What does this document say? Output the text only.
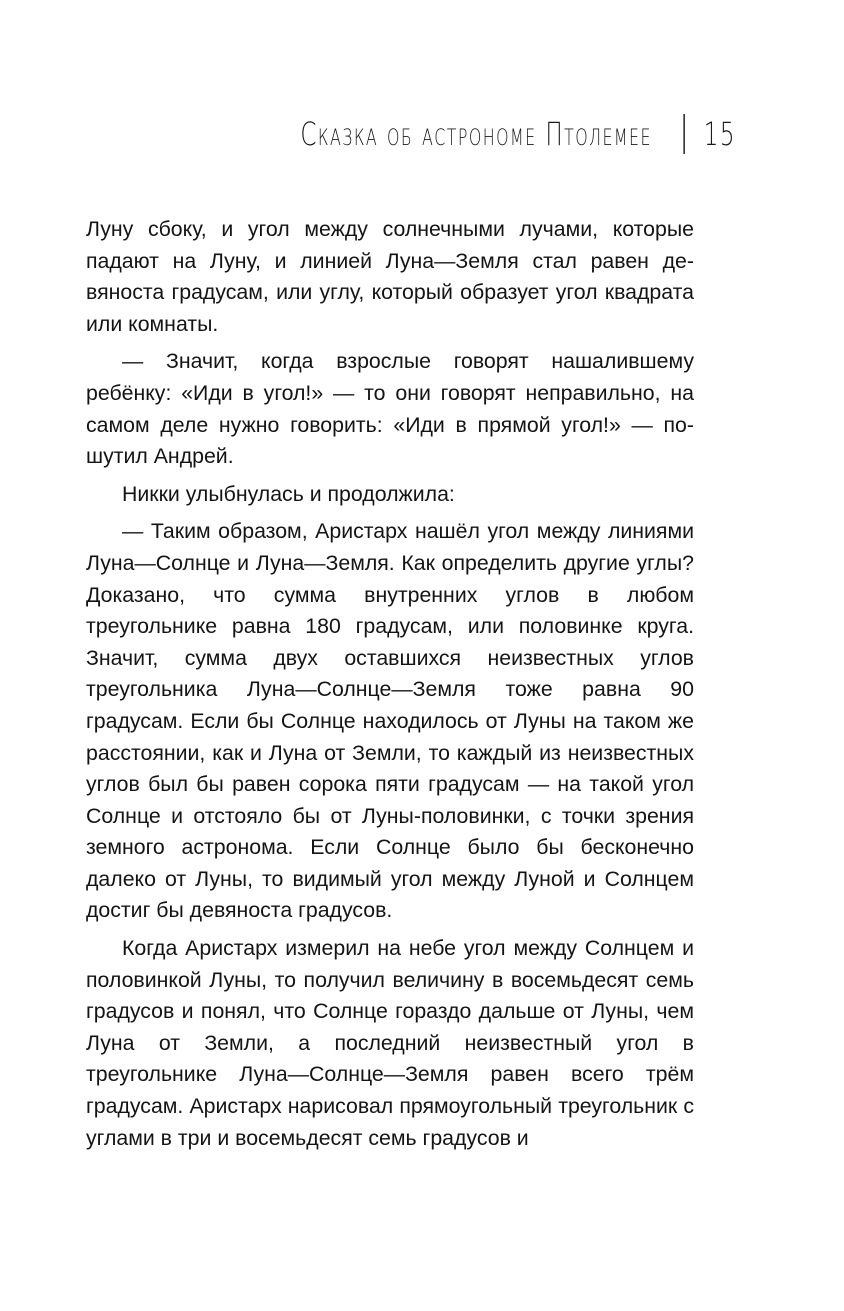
Сказка об астрономе Птолемее 15

Луну сбоку, и угол между солнечными лучами, которые падают на Луну, и линией Луна—Земля стал равен девяноста градусам, или углу, который образует угол квадрата или комнаты.

— Значит, когда взрослые говорят нашалившему ребёнку: «Иди в угол!» — то они говорят неправильно, на самом деле нужно говорить: «Иди в прямой угол!» — пошутил Андрей.

Никки улыбнулась и продолжила:

— Таким образом, Аристарх нашёл угол между линиями Луна—Солнце и Луна—Земля. Как определить другие углы? Доказано, что сумма внутренних углов в любом треугольнике равна 180 градусам, или половинке круга. Значит, сумма двух оставшихся неизвестных углов треугольника Луна—Солнце—Земля тоже равна 90 градусам. Если бы Солнце находилось от Луны на таком же расстоянии, как и Луна от Земли, то каждый из неизвестных углов был бы равен сорока пяти градусам — на такой угол Солнце и отстояло бы от Луны-половинки, с точки зрения земного астронома. Если Солнце было бы бесконечно далеко от Луны, то видимый угол между Луной и Солнцем достиг бы девяноста градусов.

Когда Аристарх измерил на небе угол между Солнцем и половинкой Луны, то получил величину в восемьдесят семь градусов и понял, что Солнце гораздо дальше от Луны, чем Луна от Земли, а последний неизвестный угол в треугольнике Луна—Солнце—Земля равен всего трём градусам. Аристарх нарисовал прямоугольный треугольник с углами в три и восемьдесят семь градусов и
